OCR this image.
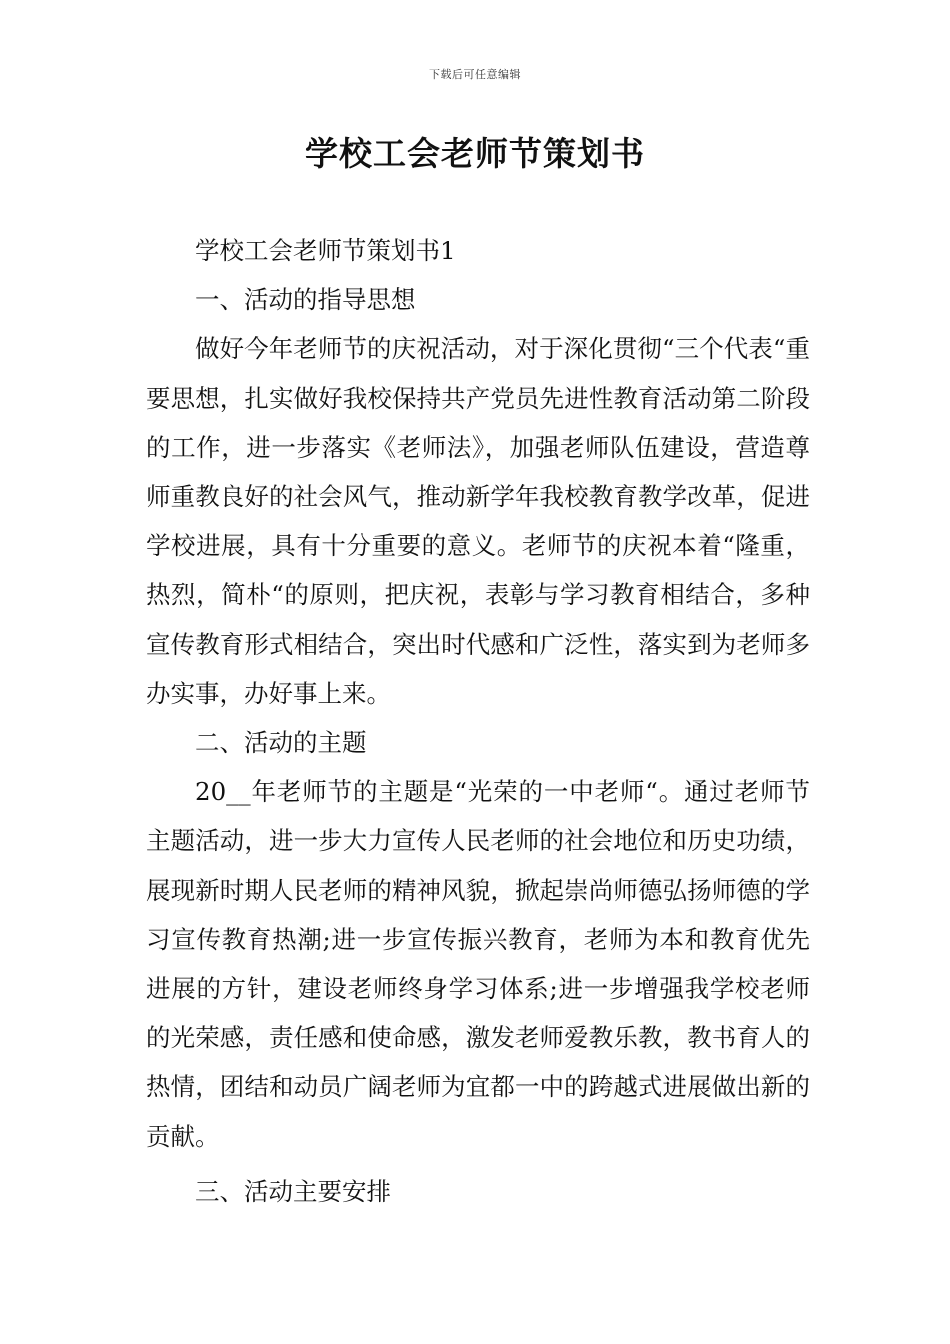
下载后可任意编辑
学校工会老师节策划书

学校工会老师节策划书1

一、活动的指导思想

做好今年老师节的庆祝活动，对于深化贯彻“三个代表“重要思想，扎实做好我校保持共产党员先进性教育活动第二阶段的工作，进一步落实《老师法》，加强老师队伍建设，营造尊师重教良好的社会风气，推动新学年我校教育教学改革，促进学校进展，具有十分重要的意义。老师节的庆祝本着“隆重，热烈，简朴“的原则，把庆祝，表彰与学习教育相结合，多种宣传教育形式相结合，突出时代感和广泛性，落实到为老师多办实事，办好事上来。

二、活动的主题

20__年老师节的主题是“光荣的一中老师“。通过老师节主题活动，进一步大力宣传人民老师的社会地位和历史功绩，展现新时期人民老师的精神风貌，掀起崇尚师德弘扬师德的学习宣传教育热潮;进一步宣传振兴教育，老师为本和教育优先进展的方针，建设老师终身学习体系;进一步增强我学校老师的光荣感，责任感和使命感，激发老师爱教乐教，教书育人的热情，团结和动员广阔老师为宜都一中的跨越式进展做出新的贡献。

三、活动主要安排
